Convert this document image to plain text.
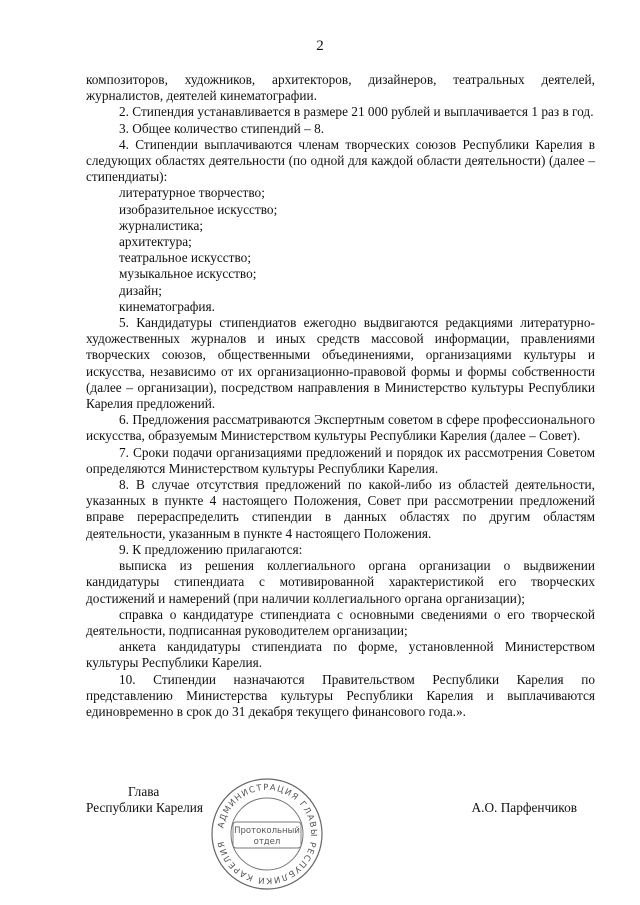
2

композиторов, художников, архитекторов, дизайнеров, театральных деятелей, журналистов, деятелей кинематографии.

2. Стипендия устанавливается в размере 21 000 рублей и выплачивается 1 раз в год.

3. Общее количество стипендий – 8.

4. Стипендии выплачиваются членам творческих союзов Республики Карелия в следующих областях деятельности (по одной для каждой области деятельности) (далее – стипендиаты):

литературное творчество;

изобразительное искусство;

журналистика;

архитектура;

театральное искусство;

музыкальное искусство;

дизайн;

кинематография.

5. Кандидатуры стипендиатов ежегодно выдвигаются редакциями литературно-художественных журналов и иных средств массовой информации, правлениями творческих союзов, общественными объединениями, организациями культуры и искусства, независимо от их организационно-правовой формы и формы собственности (далее – организации), посредством направления в Министерство культуры Республики Карелия предложений.

6. Предложения рассматриваются Экспертным советом в сфере профессионального искусства, образуемым Министерством культуры Республики Карелия (далее – Совет).

7. Сроки подачи организациями предложений и порядок их рассмотрения Советом определяются Министерством культуры Республики Карелия.

8. В случае отсутствия предложений по какой-либо из областей деятельности, указанных в пункте 4 настоящего Положения, Совет при рассмотрении предложений вправе перераспределить стипендии в данных областях по другим областям деятельности, указанным в пункте 4 настоящего Положения.

9. К предложению прилагаются:

выписка из решения коллегиального органа организации о выдвижении кандидатуры стипендиата с мотивированной характеристикой его творческих достижений и намерений (при наличии коллегиального органа организации);

справка о кандидатуре стипендиата с основными сведениями о его творческой деятельности, подписанная руководителем организации;

анкета кандидатуры стипендиата по форме, установленной Министерством культуры Республики Карелия.

10. Стипендии назначаются Правительством Республики Карелия по представлению Министерства культуры Республики Карелия и выплачиваются единовременно в срок до 31 декабря текущего финансового года.».

Глава
Республики Карелия
АДМИНИСТРАЦИЯ ГЛАВЫ РЕСПУБЛИКИ КАРЕЛИЯ
Протокольный
отдел
А.О. Парфенчиков
